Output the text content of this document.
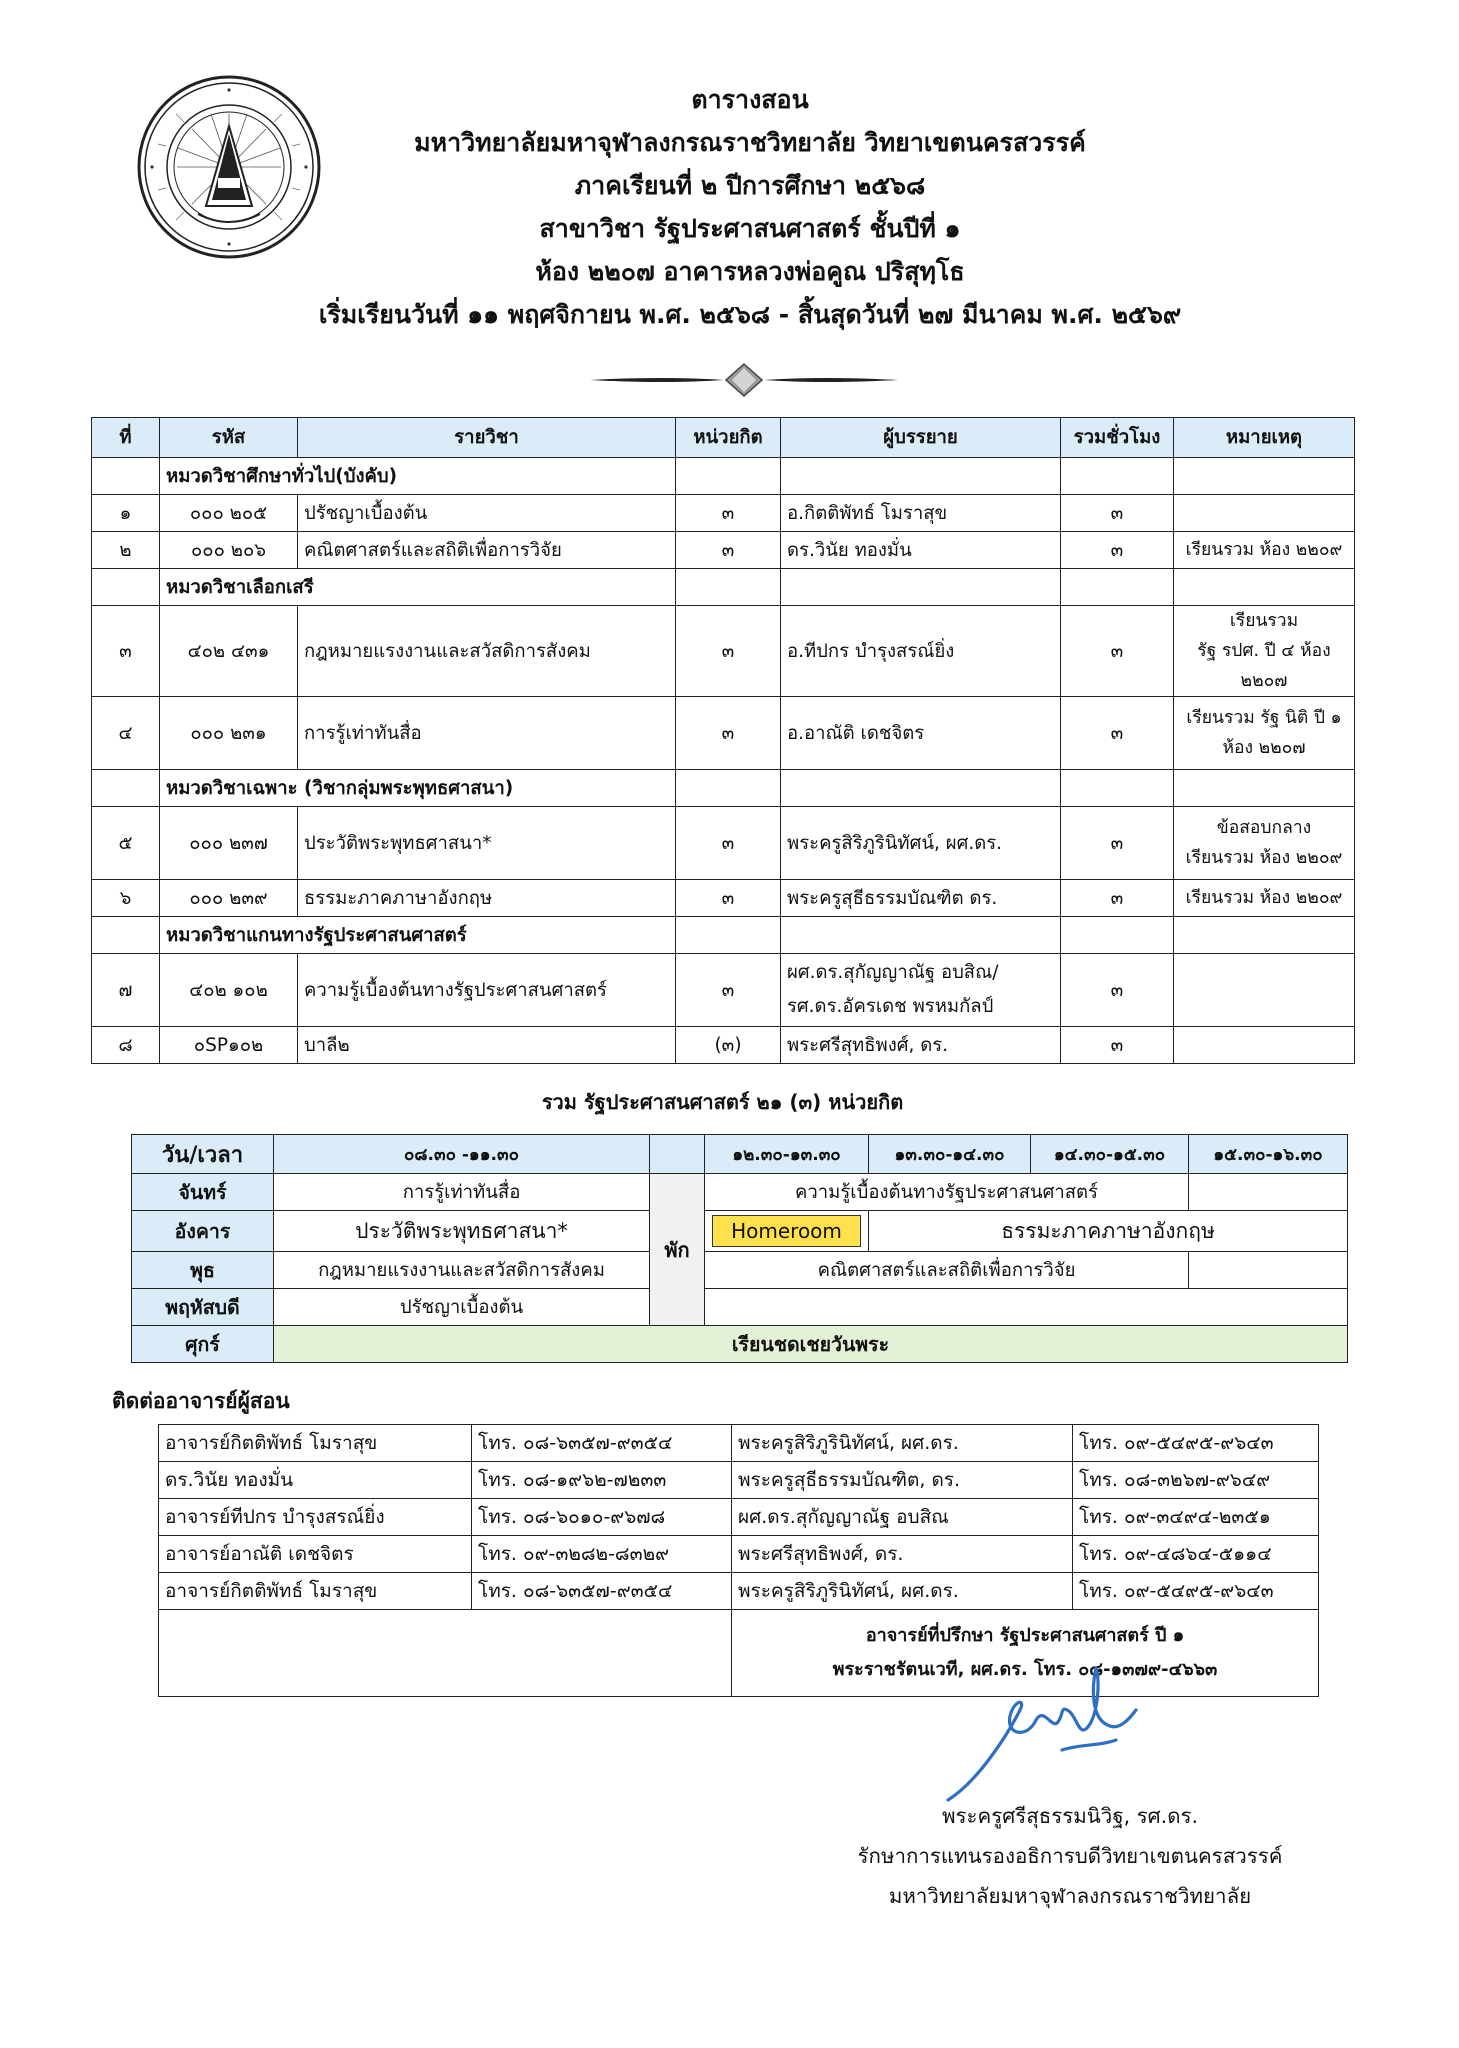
ตารางสอน
มหาวิทยาลัยมหาจุฬาลงกรณราชวิทยาลัย วิทยาเขตนครสวรรค์
ภาคเรียนที่ ๒ ปีการศึกษา ๒๕๖๘
สาขาวิชา รัฐประศาสนศาสตร์ ชั้นปีที่ ๑
ห้อง ๒๒๐๗ อาคารหลวงพ่อคูณ ปริสุทฺโธ
เริ่มเรียนวันที่ ๑๑ พฤศจิกายน พ.ศ. ๒๕๖๘ - สิ้นสุดวันที่ ๒๗ มีนาคม พ.ศ. ๒๕๖๙
ที่	รหัส	รายวิชา	หน่วยกิต	ผู้บรรยาย	รวมชั่วโมง	หมายเหตุ
	หมวดวิชาศึกษาทั่วไป(บังคับ)					
๑	๐๐๐ ๒๐๕	ปรัชญาเบื้องต้น	๓	อ.กิตติพัทธ์ โมราสุข	๓	
๒	๐๐๐ ๒๐๖	คณิตศาสตร์และสถิติเพื่อการวิจัย	๓	ดร.วินัย ทองมั่น	๓	เรียนรวม ห้อง ๒๒๐๙
	หมวดวิชาเลือกเสรี					
๓	๔๐๒ ๔๓๑	กฎหมายแรงงานและสวัสดิการสังคม	๓	อ.ทีปกร บำรุงสรณ์ยิ่ง	๓	เรียนรวม
รัฐ รปศ. ปี ๔ ห้อง ๒๒๐๗

๔	๐๐๐ ๒๓๑	การรู้เท่าทันสื่อ	๓	อ.อาณัติ เดชจิตร	๓	เรียนรวม รัฐ นิติ ปี ๑
ห้อง ๒๒๐๗

	หมวดวิชาเฉพาะ (วิชากลุ่มพระพุทธศาสนา)					
๕	๐๐๐ ๒๓๗	ประวัติพระพุทธศาสนา*	๓	พระครูสิริภูรินิทัศน์, ผศ.ดร.	๓	ข้อสอบกลาง
เรียนรวม ห้อง ๒๒๐๙

๖	๐๐๐ ๒๓๙	ธรรมะภาคภาษาอังกฤษ	๓	พระครูสุธีธรรมบัณฑิต ดร.	๓	เรียนรวม ห้อง ๒๒๐๙
	หมวดวิชาแกนทางรัฐประศาสนศาสตร์					
๗	๔๐๒ ๑๐๒	ความรู้เบื้องต้นทางรัฐประศาสนศาสตร์	๓	ผศ.ดร.สุกัญญาณัฐ อบสิณ/
รศ.ดร.อัครเดช พรหมกัลป์	๓	
๘	๐SP๑๐๒	บาลี๒	(๓)	พระศรีสุทธิพงศ์, ดร.	๓	
รวม รัฐประศาสนศาสตร์ ๒๑ (๓) หน่วยกิต
วัน/เวลา	๐๘.๓๐ -๑๑.๓๐		๑๒.๓๐-๑๓.๓๐	๑๓.๓๐-๑๔.๓๐	๑๔.๓๐-๑๕.๓๐	๑๕.๓๐-๑๖.๓๐
จันทร์	การรู้เท่าทันสื่อ	พัก	ความรู้เบื้องต้นทางรัฐประศาสนศาสตร์			
อังคาร	ประวัติพระพุทธศาสนา*		Homeroom	ธรรมะภาคภาษาอังกฤษ		
พุธ	กฎหมายแรงงานและสวัสดิการสังคม		คณิตศาสตร์และสถิติเพื่อการวิจัย			
พฤหัสบดี	ปรัชญาเบื้องต้น					
ศุกร์	เรียนชดเชยวันพระ					
ติดต่ออาจารย์ผู้สอน
อาจารย์กิตติพัทธ์ โมราสุข	โทร. ๐๘-๖๓๕๗-๙๓๕๔	พระครูสิริภูรินิทัศน์, ผศ.ดร.	โทร. ๐๙-๕๔๙๕-๙๖๔๓
ดร.วินัย ทองมั่น	โทร. ๐๘-๑๙๖๒-๗๒๓๓	พระครูสุธีธรรมบัณฑิต, ดร.	โทร. ๐๘-๓๒๖๗-๙๖๔๙
อาจารย์ทีปกร บำรุงสรณ์ยิ่ง	โทร. ๐๘-๖๐๑๐-๙๖๗๘	ผศ.ดร.สุกัญญาณัฐ อบสิณ	โทร. ๐๙-๓๔๙๔-๒๓๕๑
อาจารย์อาณัติ เดชจิตร	โทร. ๐๙-๓๒๘๒-๘๓๒๙	พระศรีสุทธิพงศ์, ดร.	โทร. ๐๙-๔๘๖๔-๕๑๑๔
อาจารย์กิตติพัทธ์ โมราสุข	โทร. ๐๘-๖๓๕๗-๙๓๕๔	พระครูสิริภูรินิทัศน์, ผศ.ดร.	โทร. ๐๙-๕๔๙๕-๙๖๔๓

		อาจารย์ที่ปรึกษา รัฐประศาสนศาสตร์ ปี ๑
พระราชรัตนเวที, ผศ.ดร. โทร. ๐๘-๑๓๗๙-๔๖๖๓	
พระครูศรีสุธรรมนิวิฐ, รศ.ดร.
รักษาการแทนรองอธิการบดีวิทยาเขตนครสวรรค์
มหาวิทยาลัยมหาจุฬาลงกรณราชวิทยาลัย
